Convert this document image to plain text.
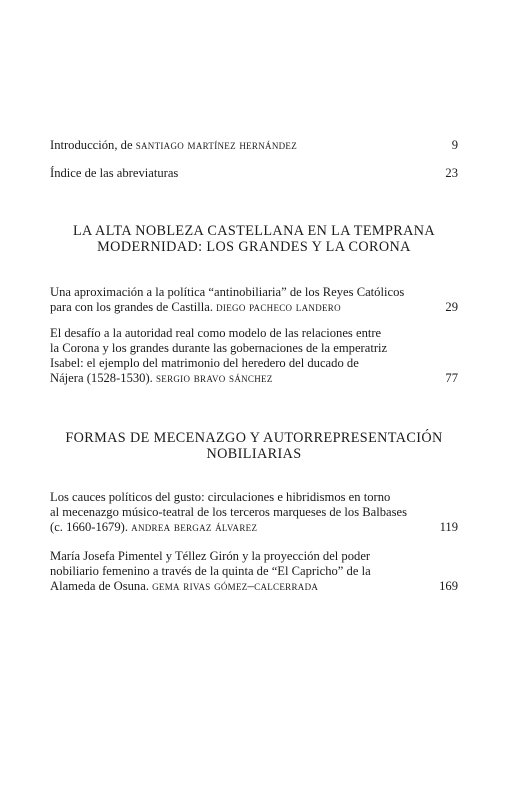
Introducción, de santiago martínez hernández	9
Índice de las abreviaturas	23
LA ALTA NOBLEZA CASTELLANA EN LA TEMPRANA
MODERNIDAD: LOS GRANDES Y LA CORONA
Una aproximación a la política “antinobiliaria” de los Reyes Católicos
para con los grandes de Castilla. diego pacheco landero	29
El desafío a la autoridad real como modelo de las relaciones entre
la Corona y los grandes durante las gobernaciones de la emperatriz
Isabel: el ejemplo del matrimonio del heredero del ducado de
Nájera (1528-1530). sergio bravo sánchez	77
FORMAS DE MECENAZGO Y AUTORREPRESENTACIÓN
NOBILIARIAS
Los cauces políticos del gusto: circulaciones e hibridismos en torno
al mecenazgo músico-teatral de los terceros marqueses de los Balbases
(c. 1660-1679). andrea bergaz álvarez	119
María Josefa Pimentel y Téllez Girón y la proyección del poder
nobiliario femenino a través de la quinta de “El Capricho” de la
Alameda de Osuna. gema rivas gómez–calcerrada	169
